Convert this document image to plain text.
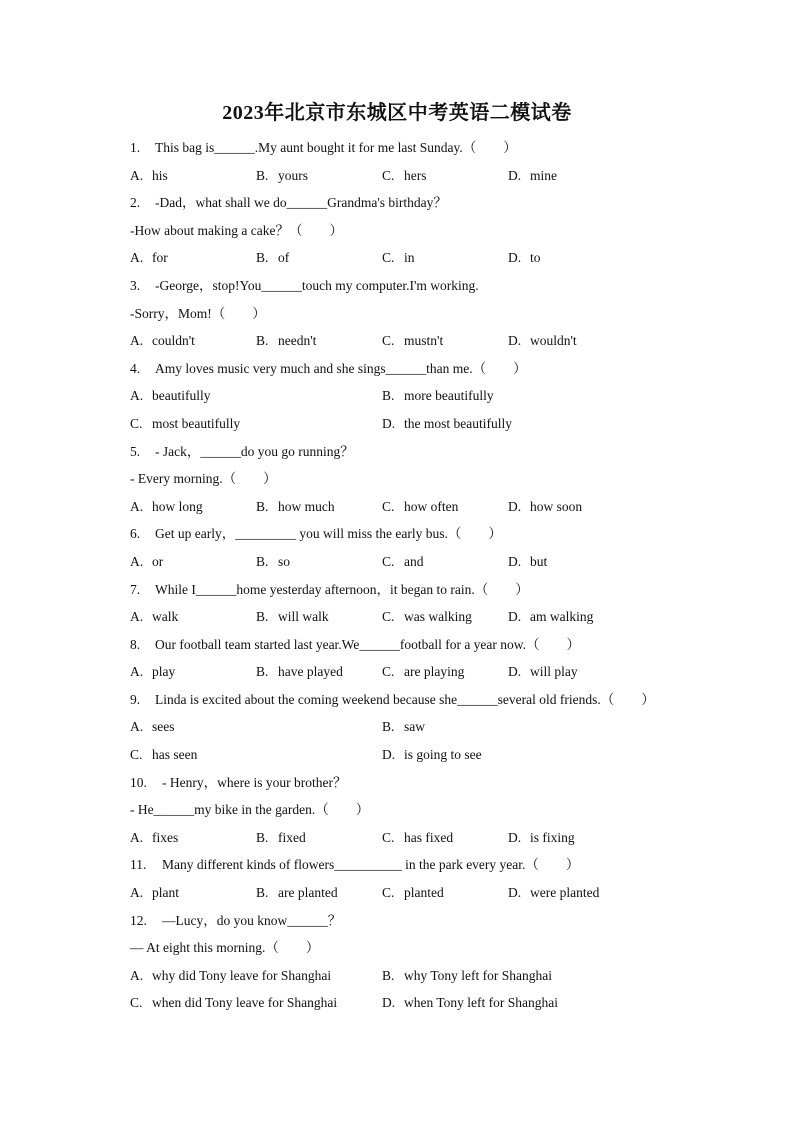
2023年北京市东城区中考英语二模试卷
1. This bag is______.My aunt bought it for me last Sunday.（　　）
A. his	B. yours	C. hers	D. mine
2. -Dad，what shall we do______Grandma's birthday？
-How about making a cake？（　　）
A. for	B. of	C. in	D. to
3. -George，stop!You______touch my computer.I'm working.
-Sorry，Mom!（　　）
A. couldn't	B. needn't	C. mustn't	D. wouldn't
4. Amy loves music very much and she sings______than me.（　　）
A. beautifully	B. more beautifully
C. most beautifully	D. the most beautifully
5. - Jack，______do you go running？
- Every morning.（　　）
A. how long	B. how much	C. how often	D. how soon
6. Get up early，_________ you will miss the early bus.（　　）
A. or	B. so	C. and	D. but
7. While I______home yesterday afternoon，it began to rain.（　　）
A. walk	B. will walk	C. was walking	D. am walking
8. Our football team started last year.We______football for a year now.（　　）
A. play	B. have played	C. are playing	D. will play
9. Linda is excited about the coming weekend because she______several old friends.（　　）
A. sees	B. saw
C. has seen	D. is going to see
10. - Henry，where is your brother？
- He______my bike in the garden.（　　）
A. fixes	B. fixed	C. has fixed	D. is fixing
11. Many different kinds of flowers__________ in the park every year.（　　）
A. plant	B. are planted	C. planted	D. were planted
12. —Lucy，do you know______？
— At eight this morning.（　　）
A. why did Tony leave for Shanghai	B. why Tony left for Shanghai
C. when did Tony leave for Shanghai	D. when Tony left for Shanghai
